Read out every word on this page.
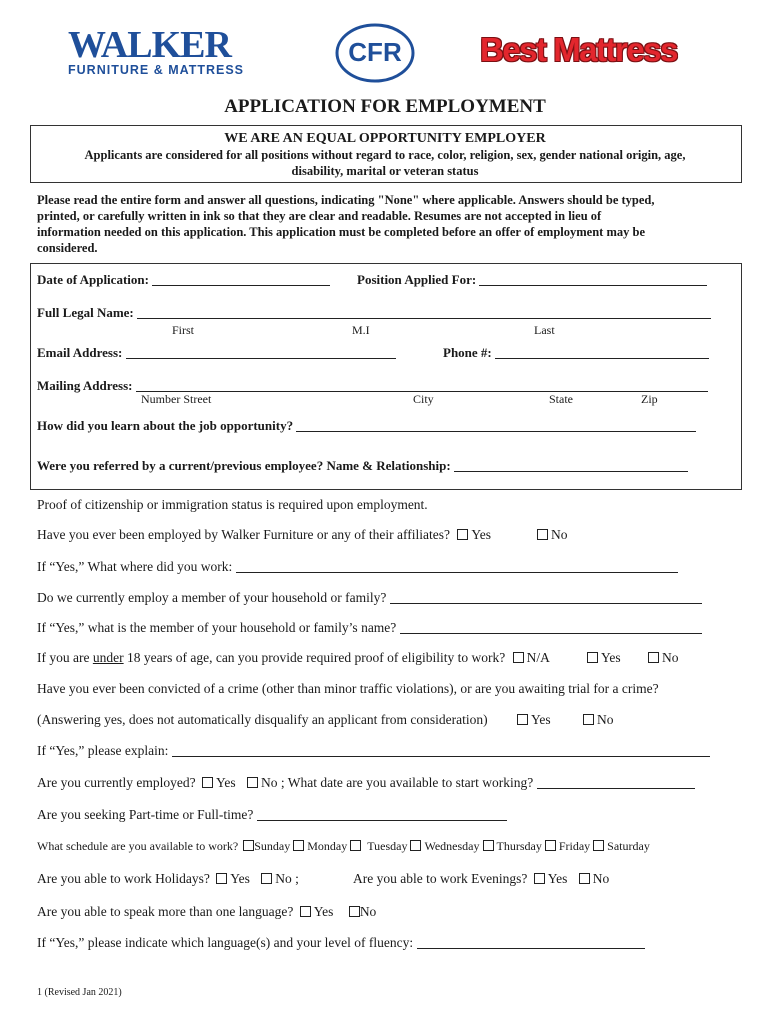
WALKER
FURNITURE & MATTRESS
CFR	Best Mattress
APPLICATION FOR EMPLOYMENT
WE ARE AN EQUAL OPPORTUNITY EMPLOYER
Applicants are considered for all positions without regard to race, color, religion, sex, gender national origin, age,
disability, marital or veteran status
Please read the entire form and answer all questions, indicating "None" where applicable. Answers should be typed,
printed, or carefully written in ink so that they are clear and readable. Resumes are not accepted in lieu of
information needed on this application. This application must be completed before an offer of employment may be
considered.
Date of Application:	Position Applied For:
Full Legal Name:
First	M.I	Last
Email Address:	Phone #:
Mailing Address:
Number Street	City	State	Zip
How did you learn about the job opportunity?
Were you referred by a current/previous employee? Name & Relationship:
Proof of citizenship or immigration status is required upon employment.
Have you ever been employed by Walker Furniture or any of their affiliates? Yes	No
If “Yes,” What where did you work:
Do we currently employ a member of your household or family?
If “Yes,” what is the member of your household or family’s name?
If you are under 18 years of age, can you provide required proof of eligibility to work? N/A	Yes	No
Have you ever been convicted of a crime (other than minor traffic violations), or are you awaiting trial for a crime?
(Answering yes, does not automatically disqualify an applicant from consideration)	Yes	No
If “Yes,” please explain:
Are you currently employed? Yes No ; What date are you available to start working?
Are you seeking Part-time or Full-time?
What schedule are you available to work? Sunday Monday Tuesday Wednesday Thursday Friday Saturday
Are you able to work Holidays? Yes No ;	Are you able to work Evenings? Yes No
Are you able to speak more than one language? Yes No
If “Yes,” please indicate which language(s) and your level of fluency:
1 (Revised Jan 2021)
